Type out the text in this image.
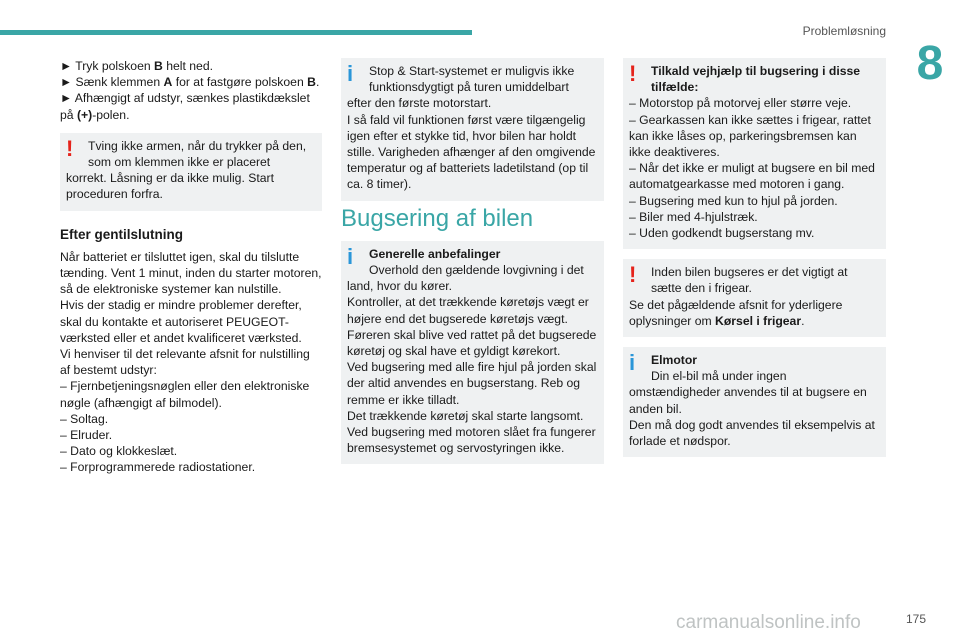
Problemløsning
8

► Tryk polskoen B helt ned.

► Sænk klemmen A for at fastgøre polskoen B.

► Afhængigt af udstyr, sænkes plastikdækslet på (+)-polen.

!	Tving ikke armen, når du trykker på den, som om klemmen ikke er placeret

korrekt. Låsning er da ikke mulig. Start proceduren forfra.

Efter gentilslutning

Når batteriet er tilsluttet igen, skal du tilslutte tænding. Vent 1 minut, inden du starter motoren, så de elektroniske systemer kan nulstille.

Hvis der stadig er mindre problemer derefter, skal du kontakte et autoriseret PEUGEOT-værksted eller et andet kvalificeret værksted.

Vi henviser til det relevante afsnit for nulstilling af bestemt udstyr:

– Fjernbetjeningsnøglen eller den elektroniske nøgle (afhængigt af bilmodel).

– Soltag.

– Elruder.

– Dato og klokkeslæt.

– Forprogrammerede radiostationer.

i	Stop & Start-systemet er muligvis ikke funktionsdygtigt på turen umiddelbart

efter den første motorstart.

I så fald vil funktionen først være tilgængelig igen efter et stykke tid, hvor bilen har holdt stille. Varigheden afhænger af den omgivende temperatur og af batteriets ladetilstand (op til ca. 8 timer).

Bugsering af bilen
i	Generelle anbefalinger
Overhold den gældende lovgivning i det

land, hvor du kører.

Kontroller, at det trækkende køretøjs vægt er højere end det bugserede køretøjs vægt.

Føreren skal blive ved rattet på det bugserede køretøj og skal have et gyldigt kørekort.

Ved bugsering med alle fire hjul på jorden skal der altid anvendes en bugserstang. Reb og remme er ikke tilladt.

Det trækkende køretøj skal starte langsomt.

Ved bugsering med motoren slået fra fungerer bremsesystemet og servostyringen ikke.

!	Tilkald vejhjælp til bugsering i disse tilfælde:

– Motorstop på motorvej eller større veje.

– Gearkassen kan ikke sættes i frigear, rattet kan ikke låses op, parkeringsbremsen kan ikke deaktiveres.

– Når det ikke er muligt at bugsere en bil med automatgearkasse med motoren i gang.

– Bugsering med kun to hjul på jorden.

– Biler med 4-hjulstræk.

– Uden godkendt bugserstang mv.

!	Inden bilen bugseres er det vigtigt at sætte den i frigear.

Se det pågældende afsnit for yderligere oplysninger om Kørsel i frigear.

i	Elmotor
Din el-bil må under ingen

omstændigheder anvendes til at bugsere en anden bil.

Den må dog godt anvendes til eksempelvis at forlade et nødspor.

carmanualsonline.info	175
